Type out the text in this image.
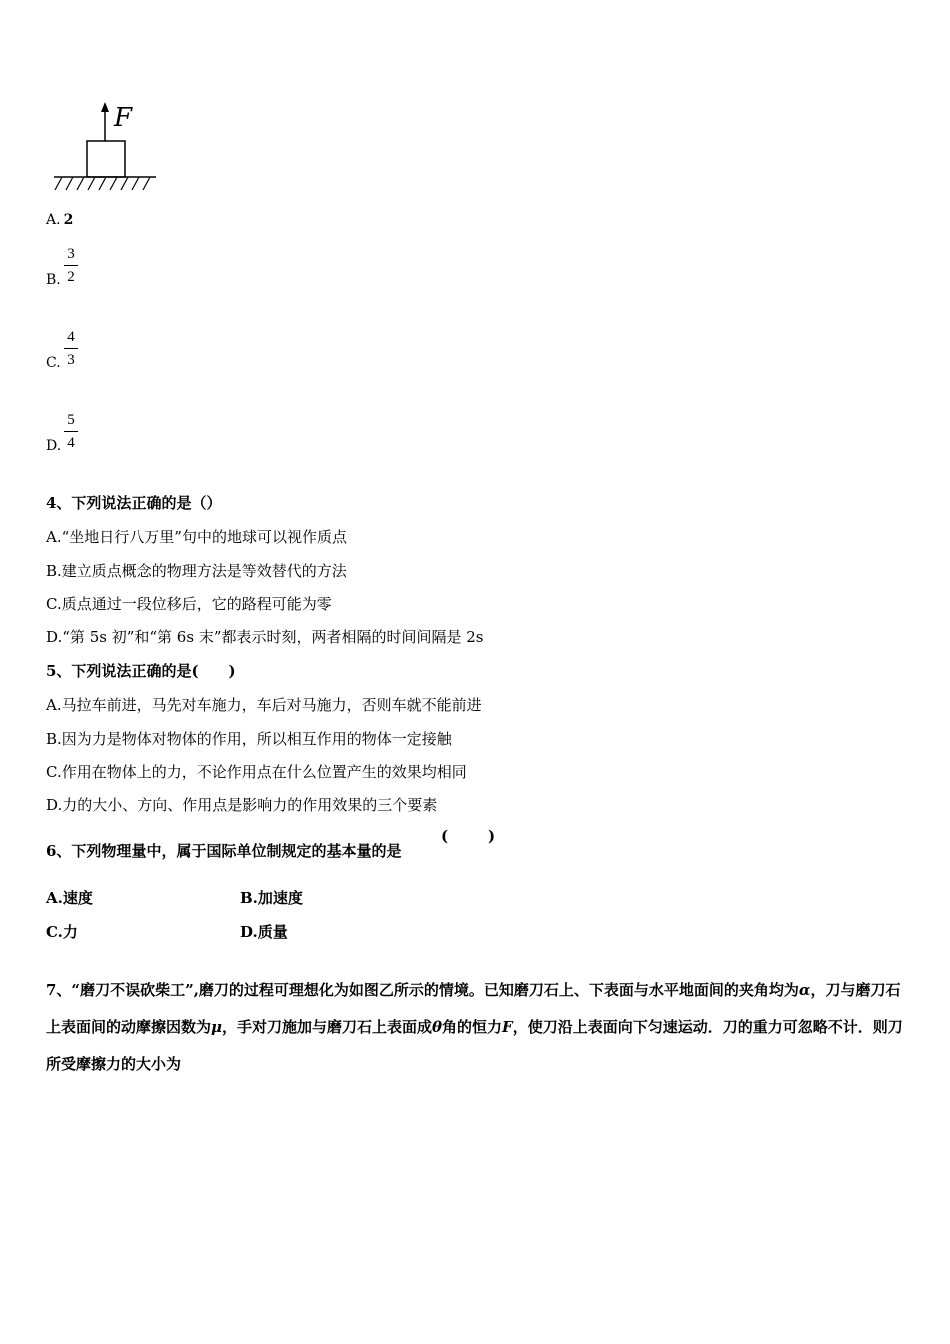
F
A. 2
B.
3
2
C.
4
3
D.
5
4
4、下列说法正确的是（）
A.“坐地日行八万里”句中的地球可以视作质点
B.建立质点概念的物理方法是等效替代的方法
C.质点通过一段位移后，它的路程可能为零
D.“第 5s 初”和“第 6s 末”都表示时刻，两者相隔的时间间隔是 2s
5、下列说法正确的是(　　)
A.马拉车前进，马先对车施力，车后对马施力，否则车就不能前进
B.因为力是物体对物体的作用，所以相互作用的物体一定接触
C.作用在物体上的力，不论作用点在什么位置产生的效果均相同
D.力的大小、方向、作用点是影响力的作用效果的三个要素
6、下列物理量中，属于国际单位制规定的基本量的是
(	)
A.速度	B.加速度
C.力	D.质量
7、“磨刀不误砍柴工”,磨刀的过程可理想化为如图乙所示的情境。已知磨刀石上、下表面与水平地面间的夹角均为α，刀与磨刀石上表面间的动摩擦因数为μ，手对刀施加与磨刀石上表面成θ角的恒力F，使刀沿上表面向下匀速运动．刀的重力可忽略不计．则刀所受摩擦力的大小为
